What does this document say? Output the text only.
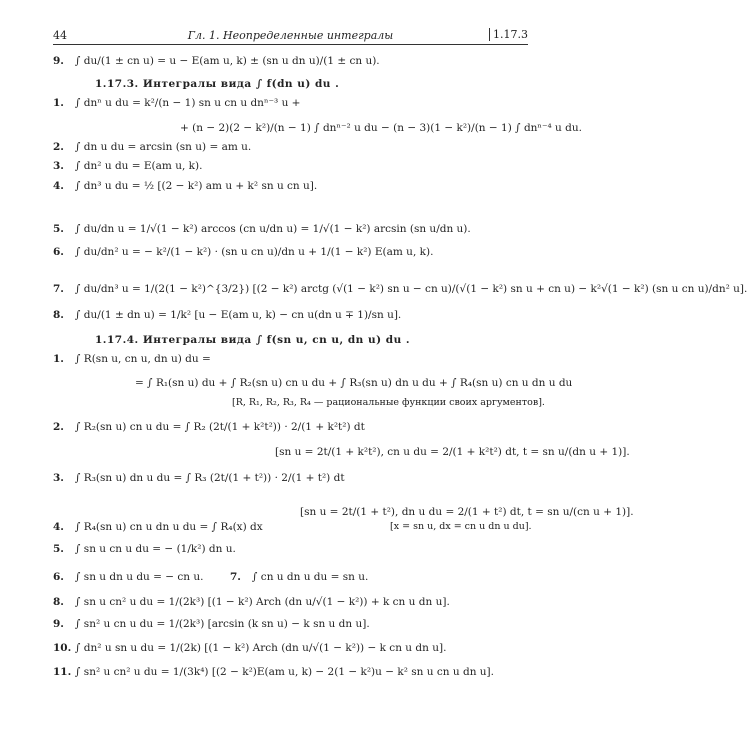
44	Гл. 1. Неопределенные интегралы	1.17.3
9. ∫ du/(1 ± cn u) = u − E(am u, k) ± (sn u dn u)/(1 ± cn u).
1.17.3. Интегралы вида ∫ f(dn u) du .
1. ∫ dnⁿ u du = k²/(n − 1) sn u cn u dnⁿ⁻³ u +
+ (n − 2)(2 − k²)/(n − 1) ∫ dnⁿ⁻² u du − (n − 3)(1 − k²)/(n − 1) ∫ dnⁿ⁻⁴ u du.
2. ∫ dn u du = arcsin (sn u) = am u.
3. ∫ dn² u du = E(am u, k).
4. ∫ dn³ u du = ½ [(2 − k²) am u + k² sn u cn u].
5. ∫ du/dn u = 1/√(1 − k²) arccos (cn u/dn u) = 1/√(1 − k²) arcsin (sn u/dn u).
6. ∫ du/dn² u = − k²/(1 − k²) · (sn u cn u)/dn u + 1/(1 − k²) E(am u, k).
7. ∫ du/dn³ u = 1/(2(1 − k²)^{3/2}) [(2 − k²) arctg (√(1 − k²) sn u − cn u)/(√(1 − k²) sn u + cn u) − k²√(1 − k²) (sn u cn u)/dn² u].
8. ∫ du/(1 ± dn u) = 1/k² [u − E(am u, k) − cn u(dn u ∓ 1)/sn u].
1.17.4. Интегралы вида ∫ f(sn u, cn u, dn u) du .
1. ∫ R(sn u, cn u, dn u) du =
= ∫ R₁(sn u) du + ∫ R₂(sn u) cn u du + ∫ R₃(sn u) dn u du + ∫ R₄(sn u) cn u dn u du
[R, R₁, R₂, R₃, R₄ — рациональные функции своих аргументов].
2. ∫ R₂(sn u) cn u du = ∫ R₂ (2t/(1 + k²t²)) · 2/(1 + k²t²) dt
[sn u = 2t/(1 + k²t²), cn u du = 2/(1 + k²t²) dt, t = sn u/(dn u + 1)].
3. ∫ R₃(sn u) dn u du = ∫ R₃ (2t/(1 + t²)) · 2/(1 + t²) dt
[sn u = 2t/(1 + t²), dn u du = 2/(1 + t²) dt, t = sn u/(cn u + 1)].
4. ∫ R₄(sn u) cn u dn u du = ∫ R₄(x) dx	[x = sn u, dx = cn u dn u du].
5. ∫ sn u cn u du = − (1/k²) dn u.
6. ∫ sn u dn u du = − cn u.	7. ∫ cn u dn u du = sn u.
8. ∫ sn u cn² u du = 1/(2k³) [(1 − k²) Arch (dn u/√(1 − k²)) + k cn u dn u].
9. ∫ sn² u cn u du = 1/(2k³) [arcsin (k sn u) − k sn u dn u].
10. ∫ dn² u sn u du = 1/(2k) [(1 − k²) Arch (dn u/√(1 − k²)) − k cn u dn u].
11. ∫ sn² u cn² u du = 1/(3k⁴) [(2 − k²)E(am u, k) − 2(1 − k²)u − k² sn u cn u dn u].
